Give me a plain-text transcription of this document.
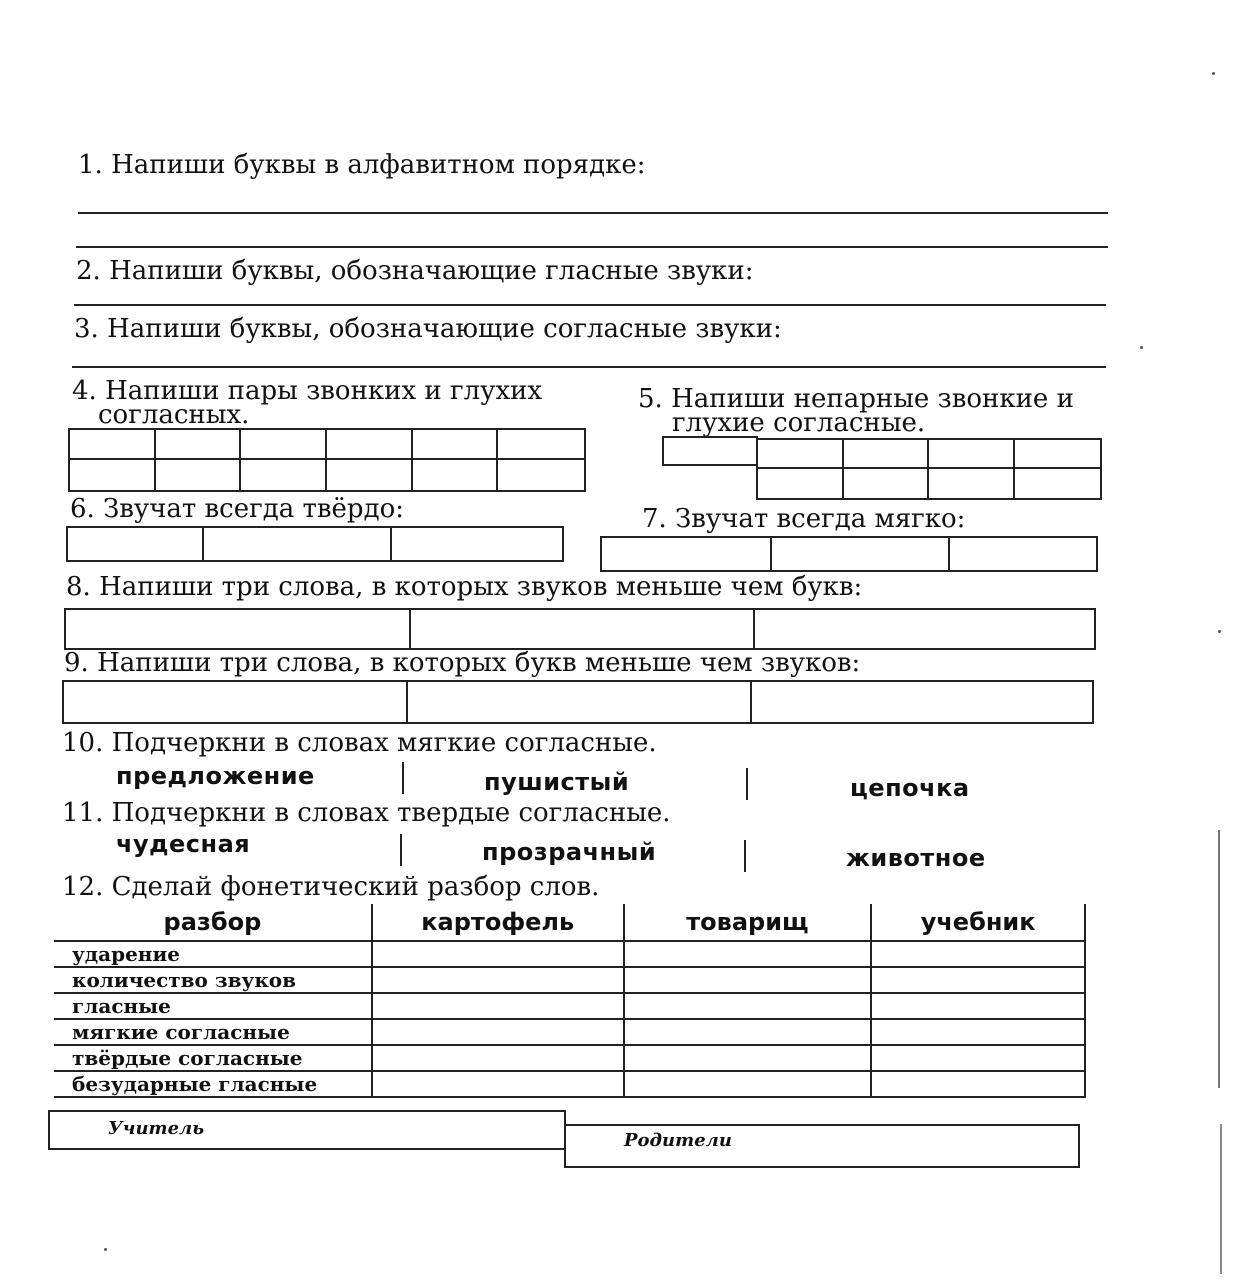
1. Напиши буквы в алфавитном порядке:
2. Напиши буквы, обозначающие гласные звуки:
3. Напиши буквы, обозначающие согласные звуки:
4. Напиши пары звонких и глухих
согласных.
5. Напиши непарные звонкие и
глухие согласные.
6. Звучат всегда твёрдо:	7. Звучат всегда мягко:
8. Напиши три слова, в которых звуков меньше чем букв:
9. Напиши три слова, в которых букв меньше чем звуков:
10. Подчеркни в словах мягкие согласные.
предложение	пушистый	цепочка
11. Подчеркни в словах твердые согласные.
чудесная	прозрачный	животное
12. Сделай фонетический разбор слов.
разбор	картофель	товарищ	учебник
ударение			
количество звуков			
гласные			
мягкие согласные			
твёрдые согласные			
безударные гласные			
Учитель
Родители
